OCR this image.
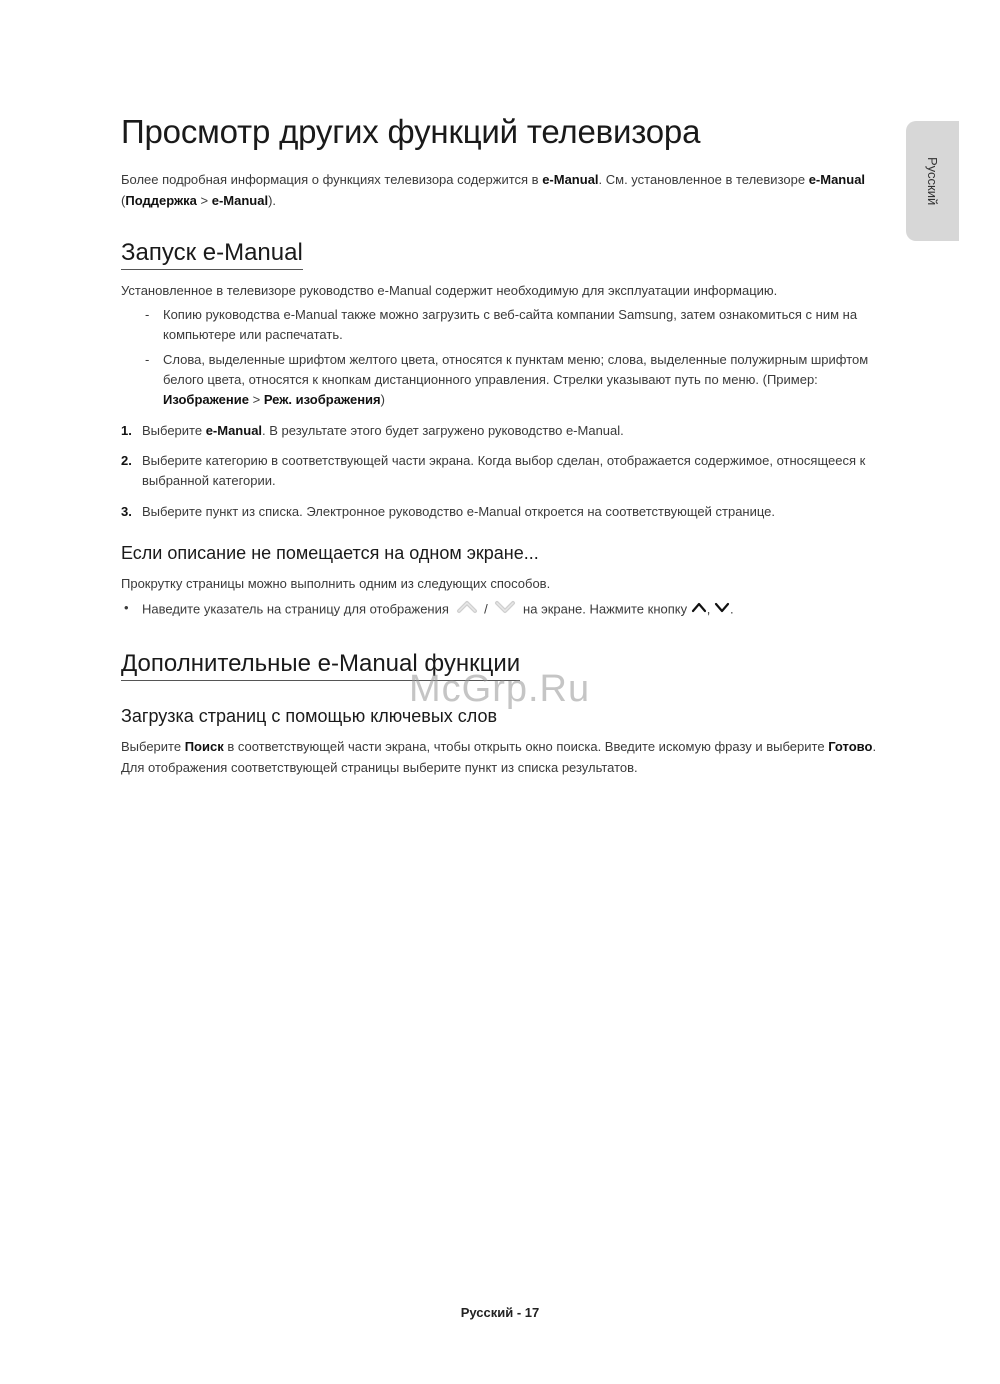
Просмотр других функций телевизора

Более подробная информация о функциях телевизора содержится в e-Manual. См. установленное в телевизоре e-Manual (Поддержка > e-Manual).

Запуск e-Manual

Установленное в телевизоре руководство e-Manual содержит необходимую для эксплуатации информацию.

- Копию руководства e-Manual также можно загрузить с веб-сайта компании Samsung, затем ознакомиться с ним на компьютере или распечатать.
- Слова, выделенные шрифтом желтого цвета, относятся к пунктам меню; слова, выделенные полужирным шрифтом белого цвета, относятся к кнопкам дистанционного управления. Стрелки указывают путь по меню. (Пример: Изображение > Реж. изображения)
1. Выберите e-Manual. В результате этого будет загружено руководство e-Manual.
2. Выберите категорию в соответствующей части экрана. Когда выбор сделан, отображается содержимое, относящееся к выбранной категории.
3. Выберите пункт из списка. Электронное руководство e-Manual откроется на соответствующей странице.
Если описание не помещается на одном экране...

Прокрутку страницы можно выполнить одним из следующих способов.

• Наведите указатель на страницу для отображения	/	на экране. Нажмите кнопку , .
Дополнительные e-Manual функции
McGrp.Ru
Загрузка страниц с помощью ключевых слов

Выберите Поиск в соответствующей части экрана, чтобы открыть окно поиска. Введите искомую фразу и выберите Готово. Для отображения соответствующей страницы выберите пункт из списка результатов.

Русский
Русский - 17
